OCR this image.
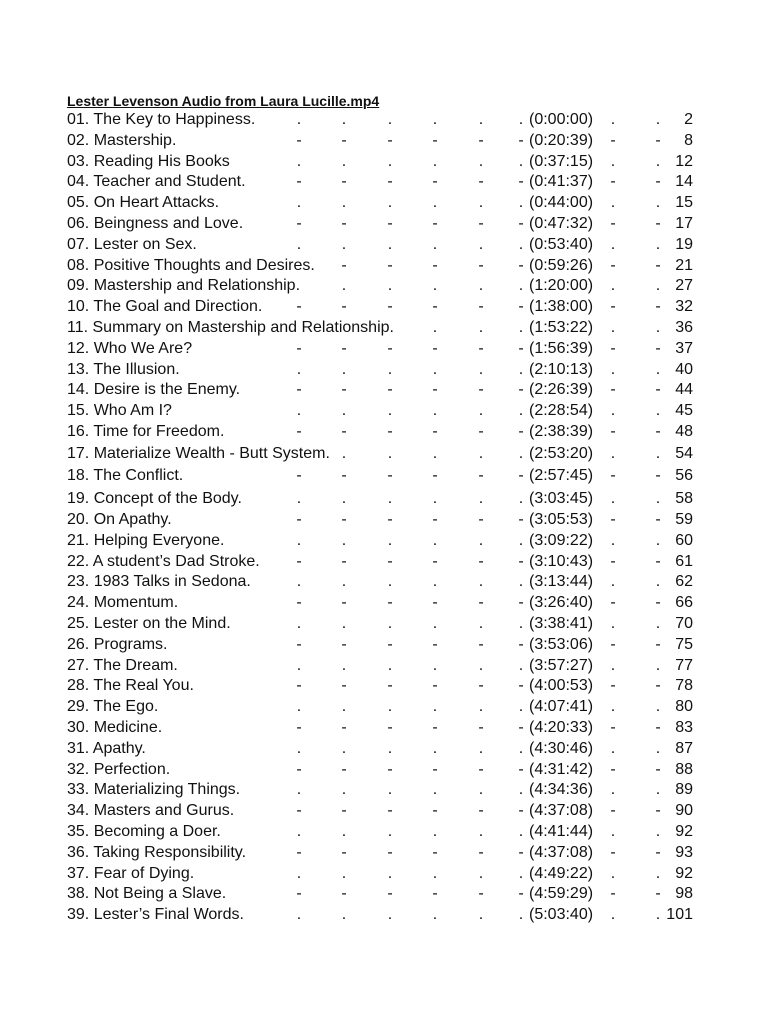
Lester Levenson Audio from Laura Lucille.mp4
01. The Key to Happiness.	.	.	.	.	. . (0:00:00) .	. 2
02. Mastership.	- -	- -	- - (0:20:39) - - 8
03. Reading His Books	.	.	.	.	. . (0:37:15) .	. 12
04. Teacher and Student.	- -	- -	- - (0:41:37) - - 14
05. On Heart Attacks.	.	.	.	.	. . (0:44:00) .	. 15
06. Beingness and Love.	- -	- -	- - (0:47:32) - - 17
07. Lester on Sex.	.	.	.	.	. . (0:53:40) .	. 19
08. Positive Thoughts and Desires. -	- -	- - (0:59:26) - - 21
09. Mastership and Relationship.	.	.	.	. . (1:20:00) .	. 27
10. The Goal and Direction. - -	- -	- - (1:38:00) - - 32
11. Summary on Mastership and Relationship. .	. . (1:53:22) .	. 36
12. Who We Are?	- -	- -	- - (1:56:39) - - 37
13. The Illusion.	.	.	.	.	. . (2:10:13) .	. 40
14. Desire is the Enemy.	- -	- -	- - (2:26:39) - - 44
15. Who Am I?	.	.	.	.	. . (2:28:54) .	. 45
16. Time for Freedom.	- -	- -	- - (2:38:39) - - 48
17. Materialize Wealth - Butt System. .	.	.	. . (2:53:20) .	. 54
18. The Conflict.	- -	- -	- - (2:57:45) - - 56
19. Concept of the Body.	.	.	.	.	. . (3:03:45) .	. 58
20. On Apathy.	- -	- -	- - (3:05:53) - - 59
21. Helping Everyone.	.	.	.	.	. . (3:09:22) .	. 60
22. A student’s Dad Stroke. - -	- -	- - (3:10:43) - - 61
23. 1983 Talks in Sedona.	.	.	.	.	. . (3:13:44) .	. 62
24. Momentum.	- -	- -	- - (3:26:40) - - 66
25. Lester on the Mind.	.	.	.	.	. . (3:38:41) .	. 70
26. Programs.	- -	- -	- - (3:53:06) - - 75
27. The Dream.	.	.	.	.	. . (3:57:27) .	. 77
28. The Real You.	- -	- -	- - (4:00:53) - - 78
29. The Ego.	.	.	.	.	. . (4:07:41) .	. 80
30. Medicine.	- -	- -	- - (4:20:33) - - 83
31. Apathy.	.	.	.	.	. . (4:30:46) .	. 87
32. Perfection.	- -	- -	- - (4:31:42) - - 88
33. Materializing Things.	.	.	.	.	. . (4:34:36) .	. 89
34. Masters and Gurus.	- -	- -	- - (4:37:08) - - 90
35. Becoming a Doer.	.	.	.	.	. . (4:41:44) .	. 92
36. Taking Responsibility.	- -	- -	- - (4:37:08) - - 93
37. Fear of Dying.	.	.	.	.	. . (4:49:22) .	. 92
38. Not Being a Slave.	- -	- -	- - (4:59:29) - - 98
39. Lester’s Final Words.	.	.	.	.	. . (5:03:40) .	. 101
